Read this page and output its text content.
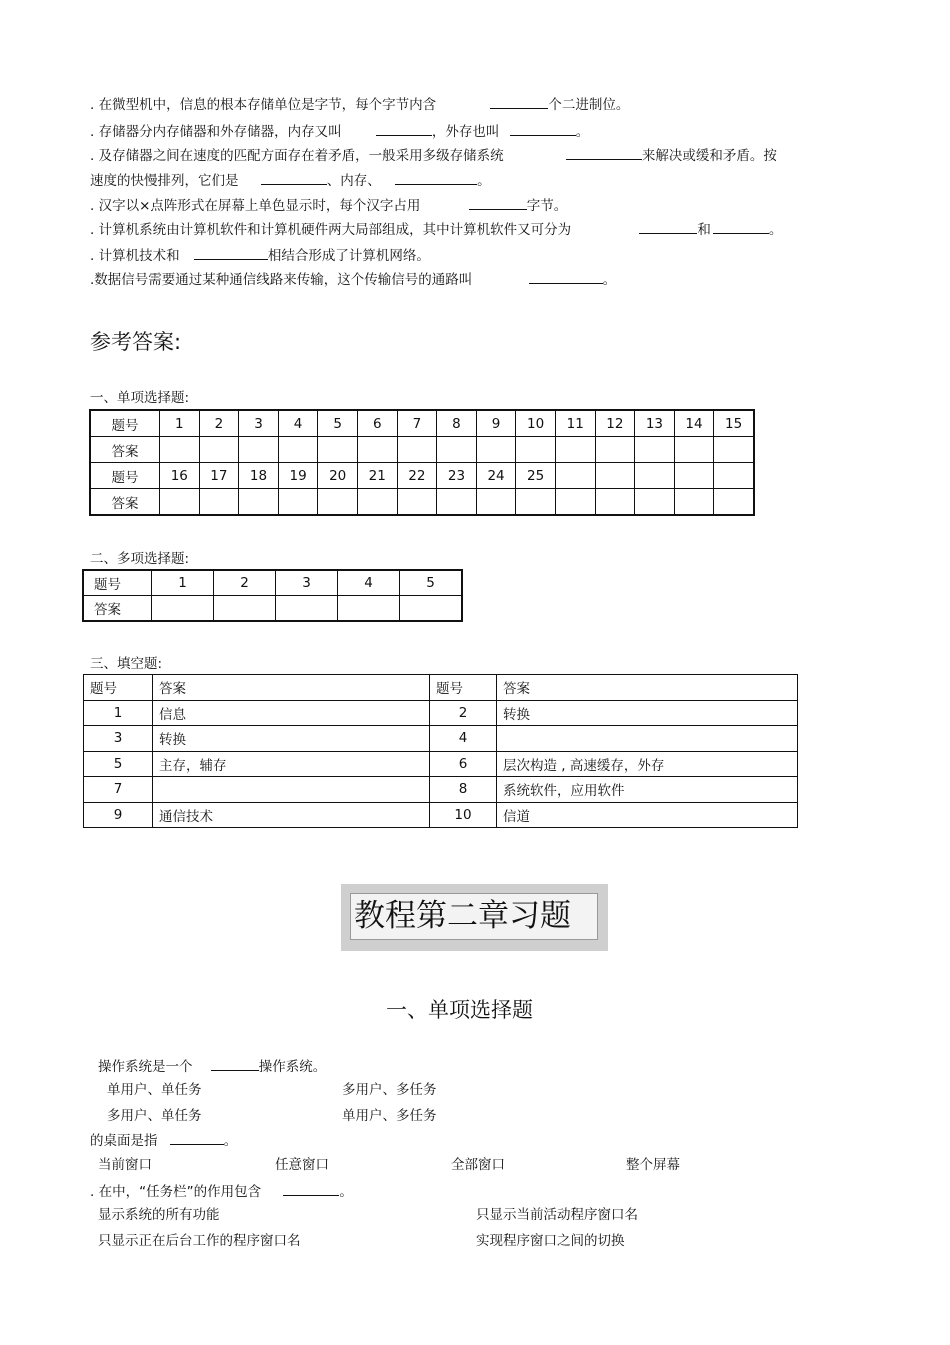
. 在微型机中，信息的根本存储单位是字节，每个字节内含	个二进制位。
. 存储器分内存储器和外存储器，内存又叫	，外存也叫	。
. 及存储器之间在速度的匹配方面存在着矛盾，一般采用多级存储系统	来解决或缓和矛盾。按
速度的快慢排列，它们是	、内存、	。
. 汉字以×点阵形式在屏幕上单色显示时，每个汉字占用	字节。
. 计算机系统由计算机软件和计算机硬件两大局部组成，其中计算机软件又可分为	和	。
. 计算机技术和	相结合形成了计算机网络。
.数据信号需要通过某种通信线路来传输，这个传输信号的通路叫	。
参考答案:
一、单项选择题:
题号	1	2	3	4	5	6	7	8	9	10	11	12	13	14	15
答案															
题号	16	17	18	19	20	21	22	23	24	25					
答案															
二、多项选择题:
题号	1	2	3	4	5
答案					
三、填空题:
题号	答案	题号	答案
1	信息	2	转换
3	转换	4	
5	主存，辅存	6	层次构造 , 高速缓存，外存
7		8	系统软件，应用软件
9	通信技术	10	信道
教程第二章习题
一、单项选择题
操作系统是一个	操作系统。
单用户、单任务	多用户、多任务
多用户、单任务	单用户、多任务
的桌面是指	。
当前窗口	任意窗口	全部窗口	整个屏幕
. 在中，“任务栏”的作用包含	。
显示系统的所有功能	只显示当前活动程序窗口名
只显示正在后台工作的程序窗口名	实现程序窗口之间的切换
